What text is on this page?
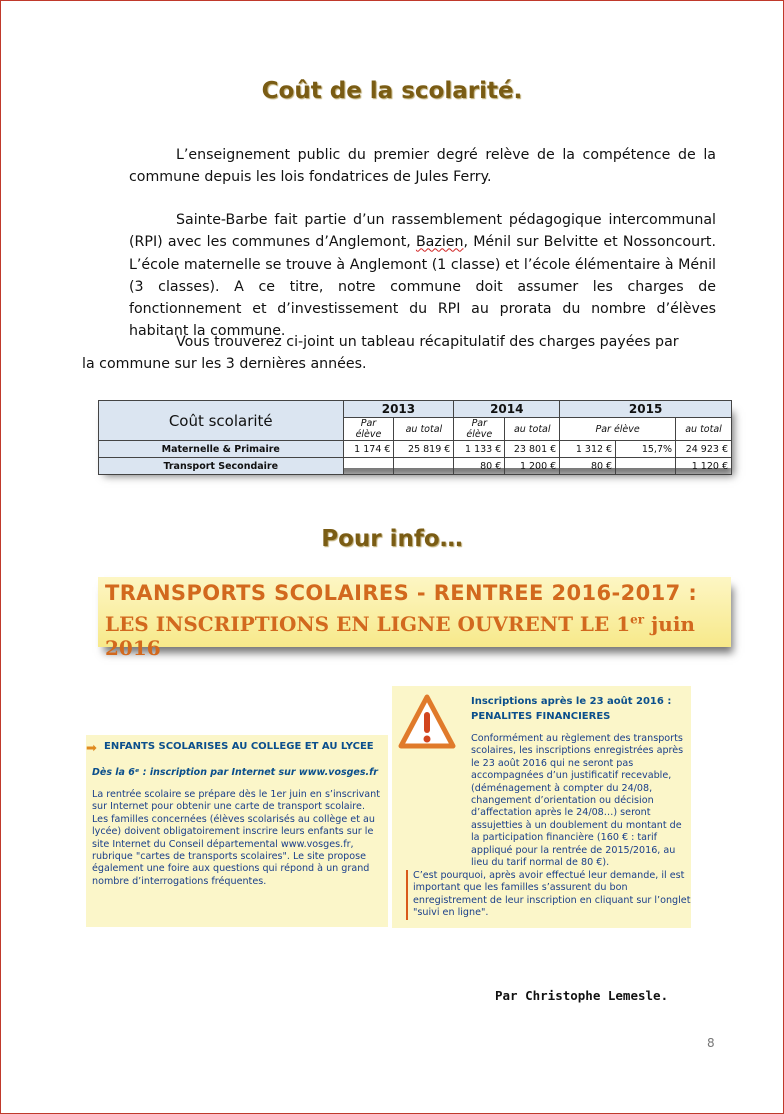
Coût de la scolarité.
L’enseignement public du premier degré relève de la compétence de la commune depuis les lois fondatrices de Jules Ferry.
Sainte-Barbe fait partie d’un rassemblement pédagogique intercommunal (RPI) avec les communes d’Anglemont, Bazien, Ménil sur Belvitte et Nossoncourt. L’école maternelle se trouve à Anglemont (1 classe) et l’école élémentaire à Ménil (3 classes). A ce titre, notre commune doit assumer les charges de fonctionnement et d’investissement du RPI au prorata du nombre d’élèves habitant la commune.
Vous trouverez ci-joint un tableau récapitulatif des charges payées par la commune sur les 3 dernières années.
Coût scolarité	2013		2014		2015		
	Par élève	au total	Par élève	au total	Par élève		au total
Maternelle & Primaire	1 174 €	25 819 €	1 133 €	23 801 €	1 312 €	15,7%	24 923 €
Transport Secondaire			80 €	1 200 €	80 €		1 120 €
Pour info…
TRANSPORTS SCOLAIRES - RENTREE 2016-2017 :
LES INSCRIPTIONS EN LIGNE OUVRENT LE 1er juin 2016
➡ ENFANTS SCOLARISES AU COLLEGE ET AU LYCEE
Dès la 6ᵉ : inscription par Internet sur www.vosges.fr
La rentrée scolaire se prépare dès le 1er juin en s’inscrivant sur Internet pour obtenir une carte de transport scolaire. Les familles concernées (élèves scolarisés au collège et au lycée) doivent obligatoirement inscrire leurs enfants sur le site Internet du Conseil départemental www.vosges.fr, rubrique "cartes de transports scolaires". Le site propose également une foire aux questions qui répond à un grand nombre d’interrogations fréquentes.
Inscriptions après le 23 août 2016 :
PENALITES FINANCIERES
Conformément au règlement des transports scolaires, les inscriptions enregistrées après le 23 août 2016 qui ne seront pas accompagnées d’un justificatif recevable, (déménagement à compter du 24/08, changement d’orientation ou décision d’affectation après le 24/08…) seront assujetties à un doublement du montant de la participation financière (160 € : tarif appliqué pour la rentrée de 2015/2016, au lieu du tarif normal de 80 €).
C’est pourquoi, après avoir effectué leur demande, il est important que les familles s’assurent du bon enregistrement de leur inscription en cliquant sur l’onglet "suivi en ligne".
Par Christophe Lemesle.
8
